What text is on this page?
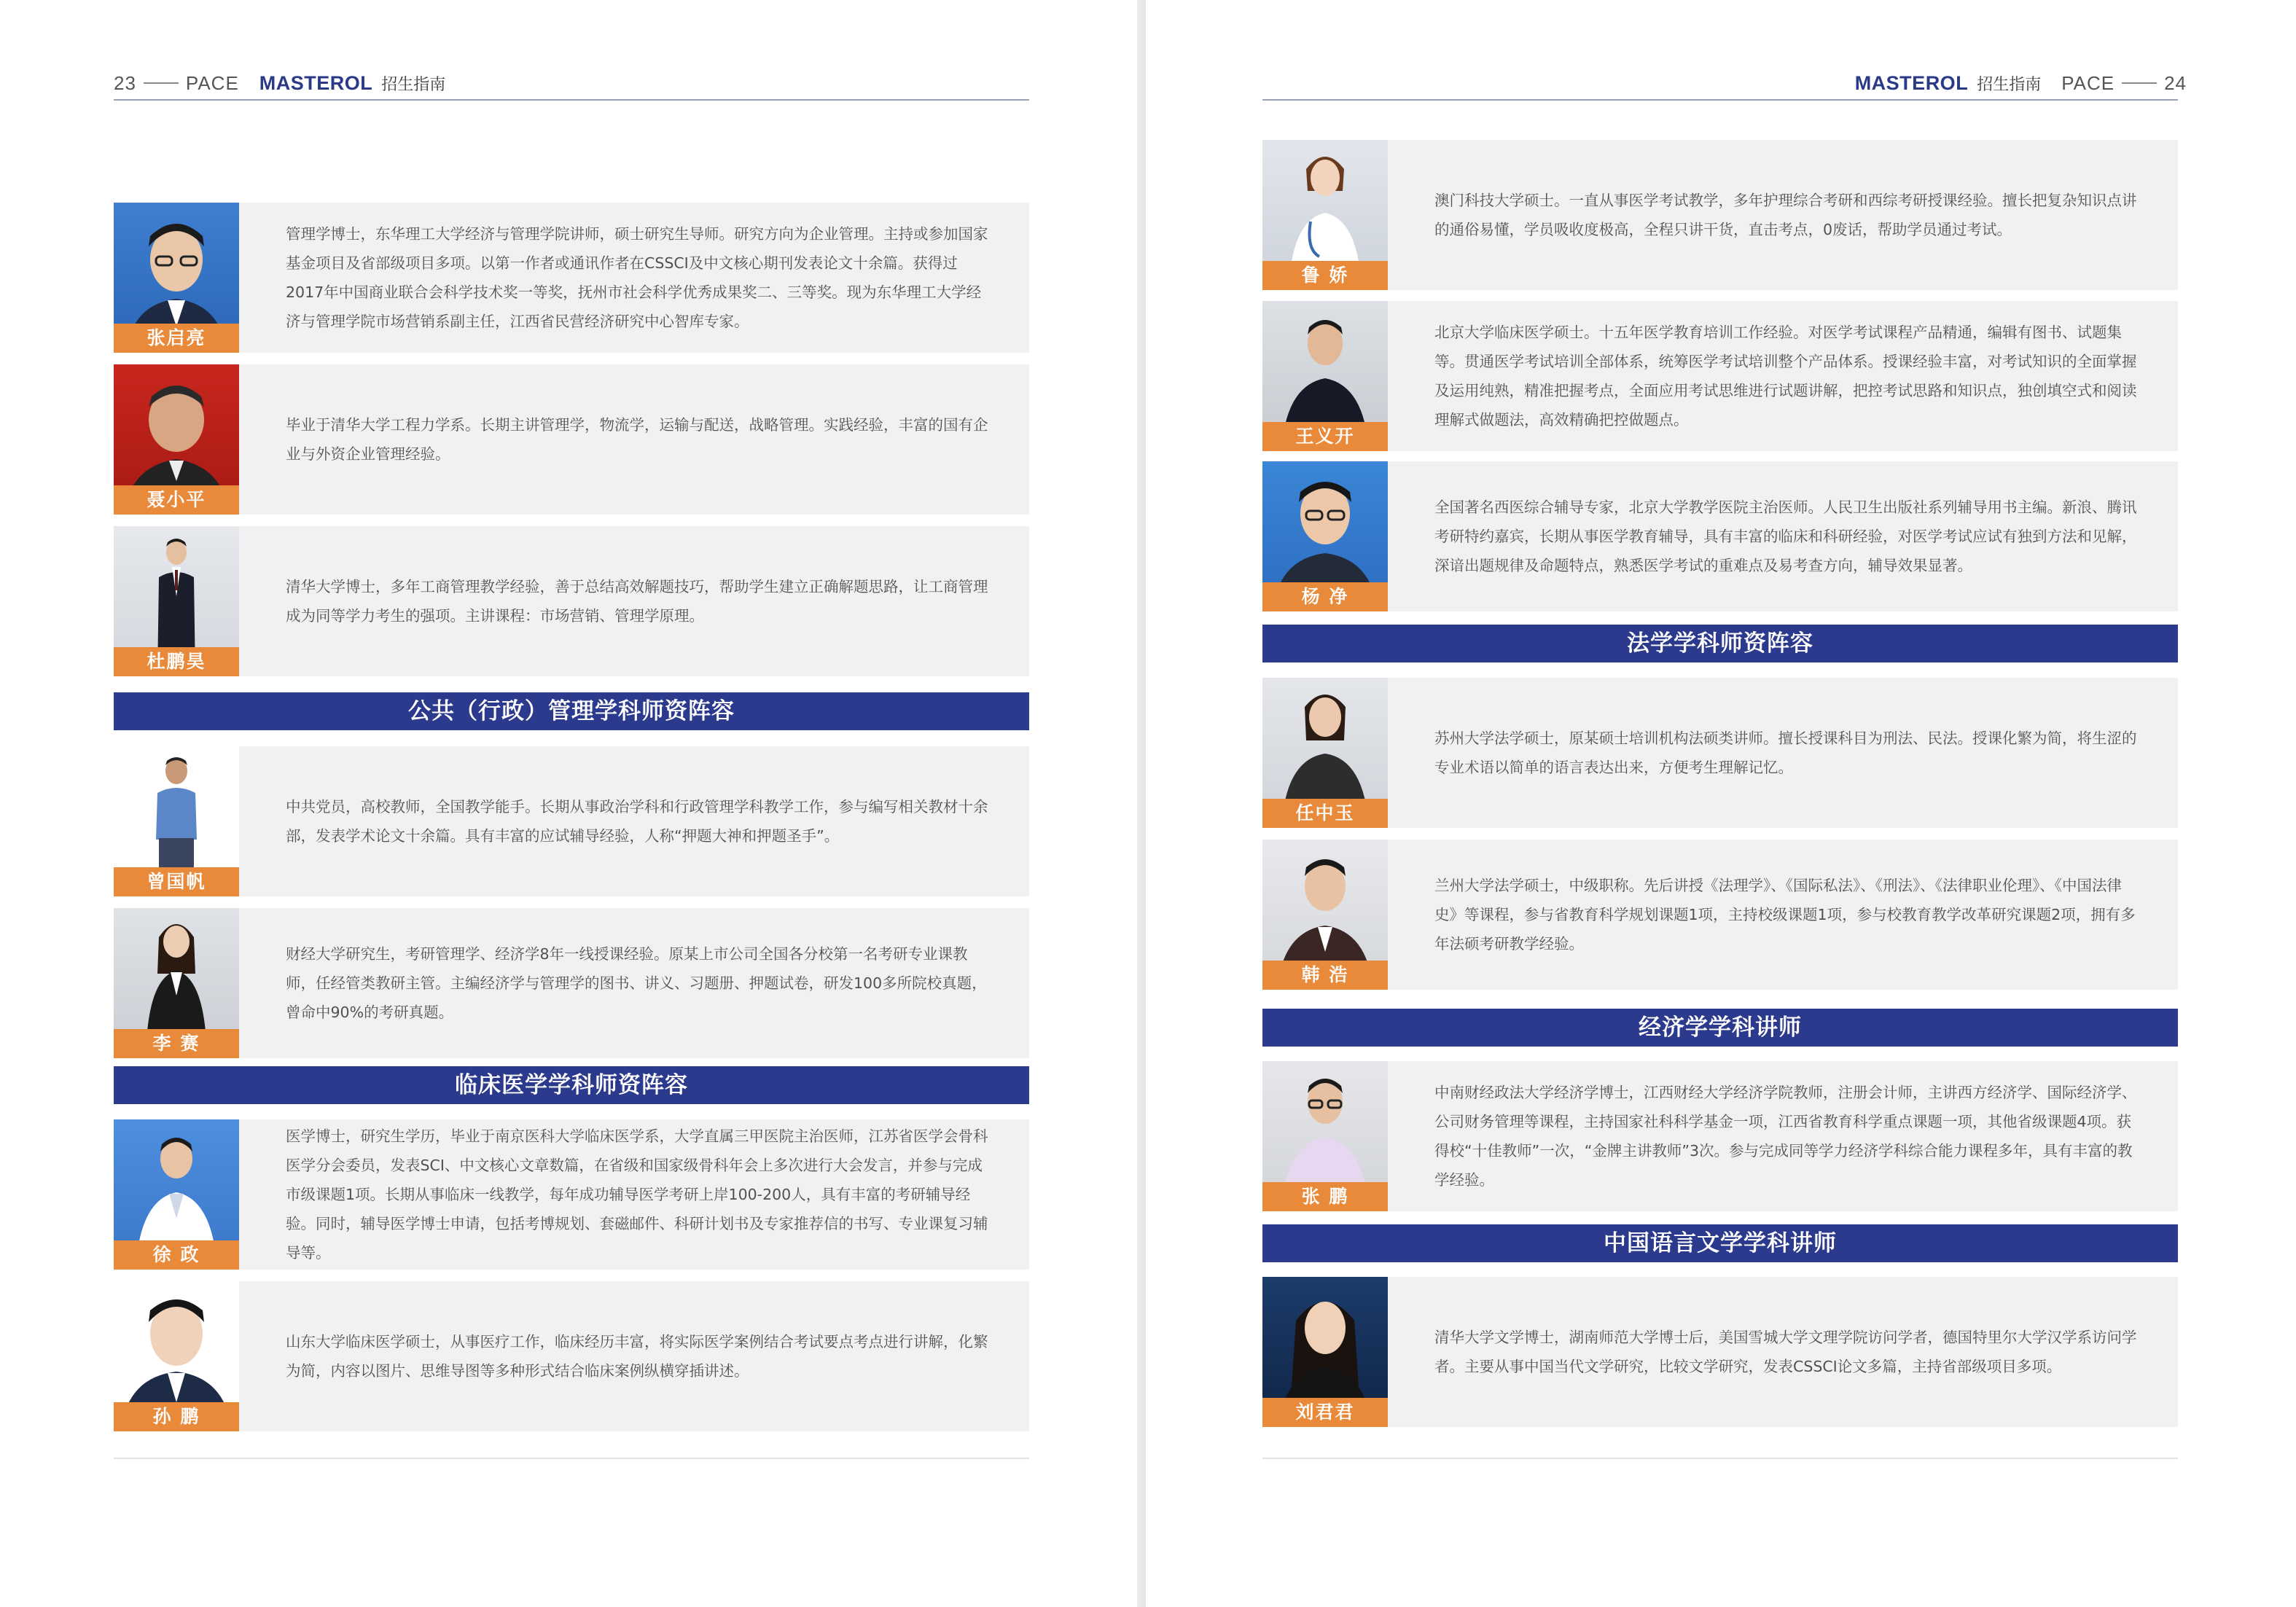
23	PACE MASTEROL 招生指南
张启亮
管理学博士，东华理工大学经济与管理学院讲师，硕士研究生导师。研究方向为企业管理。主持或参加国家基金项目及省部级项目多项。以第一作者或通讯作者在CSSCI及中文核心期刊发表论文十余篇。获得过2017年中国商业联合会科学技术奖一等奖，抚州市社会科学优秀成果奖二、三等奖。现为东华理工大学经济与管理学院市场营销系副主任，江西省民营经济研究中心智库专家。
聂小平
毕业于清华大学工程力学系。长期主讲管理学，物流学，运输与配送，战略管理。实践经验，丰富的国有企业与外资企业管理经验。
杜鹏昊
清华大学博士，多年工商管理教学经验，善于总结高效解题技巧，帮助学生建立正确解题思路，让工商管理成为同等学力考生的强项。主讲课程：市场营销、管理学原理。
公共（行政）管理学科师资阵容
曾国帆
中共党员，高校教师，全国教学能手。长期从事政治学科和行政管理学科教学工作，参与编写相关教材十余部，发表学术论文十余篇。具有丰富的应试辅导经验，人称“押题大神和押题圣手”。
李 赛
财经大学研究生，考研管理学、经济学8年一线授课经验。原某上市公司全国各分校第一名考研专业课教师，任经管类教研主管。主编经济学与管理学的图书、讲义、习题册、押题试卷，研发100多所院校真题，曾命中90%的考研真题。
临床医学学科师资阵容
徐 政
医学博士，研究生学历，毕业于南京医科大学临床医学系，大学直属三甲医院主治医师，江苏省医学会骨科医学分会委员，发表SCI、中文核心文章数篇，在省级和国家级骨科年会上多次进行大会发言，并参与完成市级课题1项。长期从事临床一线教学，每年成功辅导医学考研上岸100-200人，具有丰富的考研辅导经验。同时，辅导医学博士申请，包括考博规划、套磁邮件、科研计划书及专家推荐信的书写、专业课复习辅导等。
孙 鹏
山东大学临床医学硕士，从事医疗工作，临床经历丰富，将实际医学案例结合考试要点考点进行讲解，化繁为简，内容以图片、思维导图等多种形式结合临床案例纵横穿插讲述。
MASTEROL 招生指南 PACE	24
鲁 娇
澳门科技大学硕士。一直从事医学考试教学，多年护理综合考研和西综考研授课经验。擅长把复杂知识点讲的通俗易懂，学员吸收度极高，全程只讲干货，直击考点，0废话，帮助学员通过考试。
王义开
北京大学临床医学硕士。十五年医学教育培训工作经验。对医学考试课程产品精通，编辑有图书、试题集等。贯通医学考试培训全部体系，统筹医学考试培训整个产品体系。授课经验丰富，对考试知识的全面掌握及运用纯熟，精准把握考点，全面应用考试思维进行试题讲解，把控考试思路和知识点，独创填空式和阅读理解式做题法，高效精确把控做题点。
杨 净
全国著名西医综合辅导专家，北京大学教学医院主治医师。人民卫生出版社系列辅导用书主编。新浪、腾讯考研特约嘉宾，长期从事医学教育辅导，具有丰富的临床和科研经验，对医学考试应试有独到方法和见解，深谙出题规律及命题特点，熟悉医学考试的重难点及易考查方向，辅导效果显著。
法学学科师资阵容
任中玉
苏州大学法学硕士，原某硕士培训机构法硕类讲师。擅长授课科目为刑法、民法。授课化繁为简，将生涩的专业术语以简单的语言表达出来，方便考生理解记忆。
韩 浩
兰州大学法学硕士，中级职称。先后讲授《法理学》、《国际私法》、《刑法》、《法律职业伦理》、《中国法律史》等课程，参与省教育科学规划课题1项，主持校级课题1项，参与校教育教学改革研究课题2项，拥有多年法硕考研教学经验。
经济学学科讲师
张 鹏
中南财经政法大学经济学博士，江西财经大学经济学院教师，注册会计师，主讲西方经济学、国际经济学、公司财务管理等课程，主持国家社科科学基金一项，江西省教育科学重点课题一项，其他省级课题4项。获得校“十佳教师”一次，“金牌主讲教师”3次。参与完成同等学力经济学科综合能力课程多年，具有丰富的教学经验。
中国语言文学学科讲师
刘君君
清华大学文学博士，湖南师范大学博士后，美国雪城大学文理学院访问学者，德国特里尔大学汉学系访问学者。主要从事中国当代文学研究，比较文学研究，发表CSSCI论文多篇，主持省部级项目多项。
